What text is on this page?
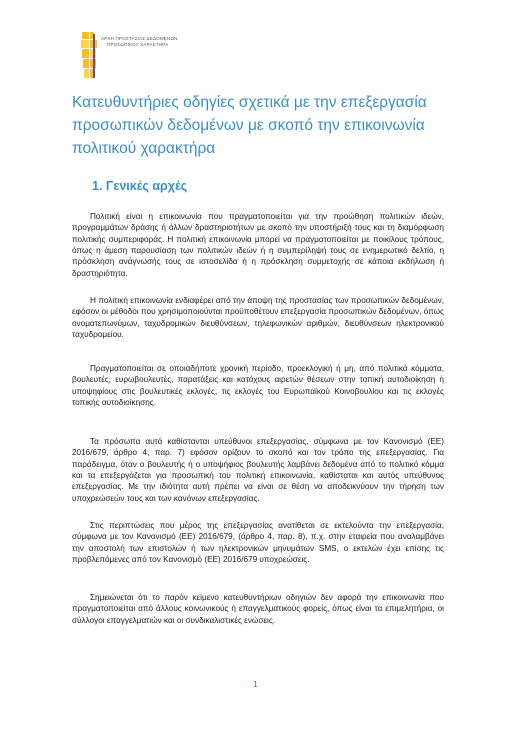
ΑΡΧΗ ΠΡΟΣΤΑΣΙΑΣ ΔΕΔΟΜΕΝΩΝ
ΠΡΟΣΩΠΙΚΟΥ ΧΑΡΑΚΤΗΡΑ
Κατευθυντήριες οδηγίες σχετικά με την επεξεργασία προσωπικών δεδομένων με σκοπό την επικοινωνία πολιτικού χαρακτήρα
1. Γενικές αρχές

Πολιτική είναι η επικοινωνία που πραγματοποιείται για την προώθηση πολιτικών ιδεών, προγραμμάτων δράσης ή άλλων δραστηριοτήτων με σκοπό την υποστήριξή τους και τη διαμόρφωση πολιτικής συμπεριφοράς. Η πολιτική επικοινωνία μπορεί να πραγματοποιείται με ποικίλους τρόπους, όπως η άμεση παρουσίαση των πολιτικών ιδεών ή η συμπερίληψή τους σε ενημερωτικό δελτίο, η πρόσκληση ανάγνωσής τους σε ιστοσελίδα ή η πρόσκληση συμμετοχής σε κάποια εκδήλωση ή δραστηριότητα.

Η πολιτική επικοινωνία ενδιαφέρει από την άποψη της προστασίας των προσωπικών δεδομένων, εφόσον οι μέθοδοι που χρησιμοποιούνται προϋποθέτουν επεξεργασία προσωπικών δεδομένων, όπως ονοματεπωνύμων, ταχυδρομικών διευθύνσεων, τηλεφωνικών αριθμών, διευθύνσεων ηλεκτρονικού ταχυδρομείου.

Πραγματοποιείται σε οποιαδήποτε χρονική περίοδο, προεκλογική ή μη, από πολιτικά κόμματα, βουλευτές, ευρωβουλευτές, παρατάξεις και κατόχους αιρετών θέσεων στην τοπική αυτοδιοίκηση ή υποψηφίους στις βουλευτικές εκλογές, τις εκλογές του Ευρωπαϊκού Κοινοβουλίου και τις εκλογές τοπικής αυτοδιοίκησης.

Τα πρόσωπα αυτά καθίστανται υπεύθυνοι επεξεργασίας, σύμφωνα με τον Κανονισμό (ΕΕ) 2016/679, άρθρο 4, παρ. 7) εφόσον ορίζουν το σκοπό και τον τρόπο της επεξεργασίας. Για παράδειγμα, όταν ο βουλευτής ή ο υποψήφιος βουλευτής λαμβάνει δεδομένα από το πολιτικό κόμμα και τα επεξεργάζεται για προσωπική του πολιτική επικοινωνία, καθίσταται και αυτός υπεύθυνος επεξεργασίας. Με την ιδιότητα αυτή πρέπει να είναι σε θέση να αποδεικνύουν την τήρηση των υποχρεώσεών τους και των κανόνων επεξεργασίας.

Στις περιπτώσεις που μέρος της επεξεργασίας ανατίθεται σε εκτελούντα την επεξεργασία, σύμφωνα με τον Κανονισμό (ΕΕ) 2016/679, (άρθρο 4, παρ. 8), π.χ. στην εταιρεία που αναλαμβάνει την αποστολή των επιστολών ή των ηλεκτρονικών μηνυμάτων SMS, ο εκτελών έχει επίσης τις προβλεπόμενες από τον Κανονισμό (ΕΕ) 2016/679 υποχρεώσεις.

Σημειώνεται ότι το παρόν κείμενο κατευθυντήριων οδηγιών δεν αφορά την επικοινωνία που πραγματοποιείται από άλλους κοινωνικούς ή επαγγελματικούς φορείς, όπως είναι τα επιμελητήρια, οι σύλλογοι επαγγελματιών και οι συνδικαλιστικές ενώσεις.

1
